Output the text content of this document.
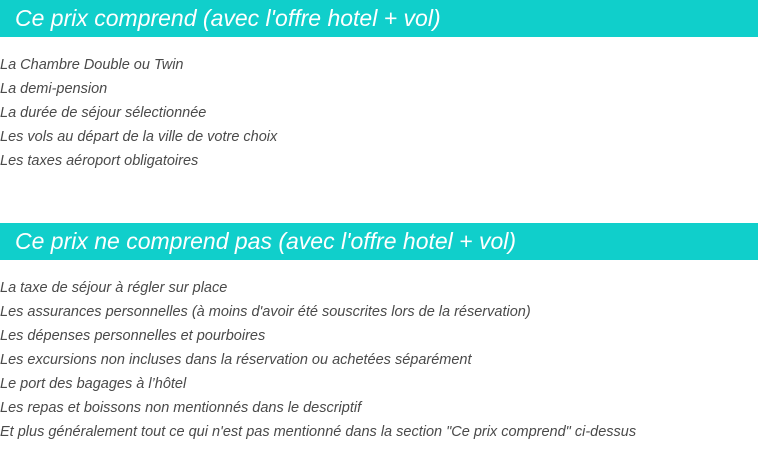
Ce prix comprend (avec l'offre hotel + vol)
La Chambre Double ou Twin
La demi-pension
La durée de séjour sélectionnée
Les vols au départ de la ville de votre choix
Les taxes aéroport obligatoires
Ce prix ne comprend pas (avec l'offre hotel + vol)
La taxe de séjour à régler sur place
Les assurances personnelles (à moins d'avoir été souscrites lors de la réservation)
Les dépenses personnelles et pourboires
Les excursions non incluses dans la réservation ou achetées séparément
Le port des bagages à l’hôtel
Les repas et boissons non mentionnés dans le descriptif
Et plus généralement tout ce qui n'est pas mentionné dans la section "Ce prix comprend" ci-dessus
